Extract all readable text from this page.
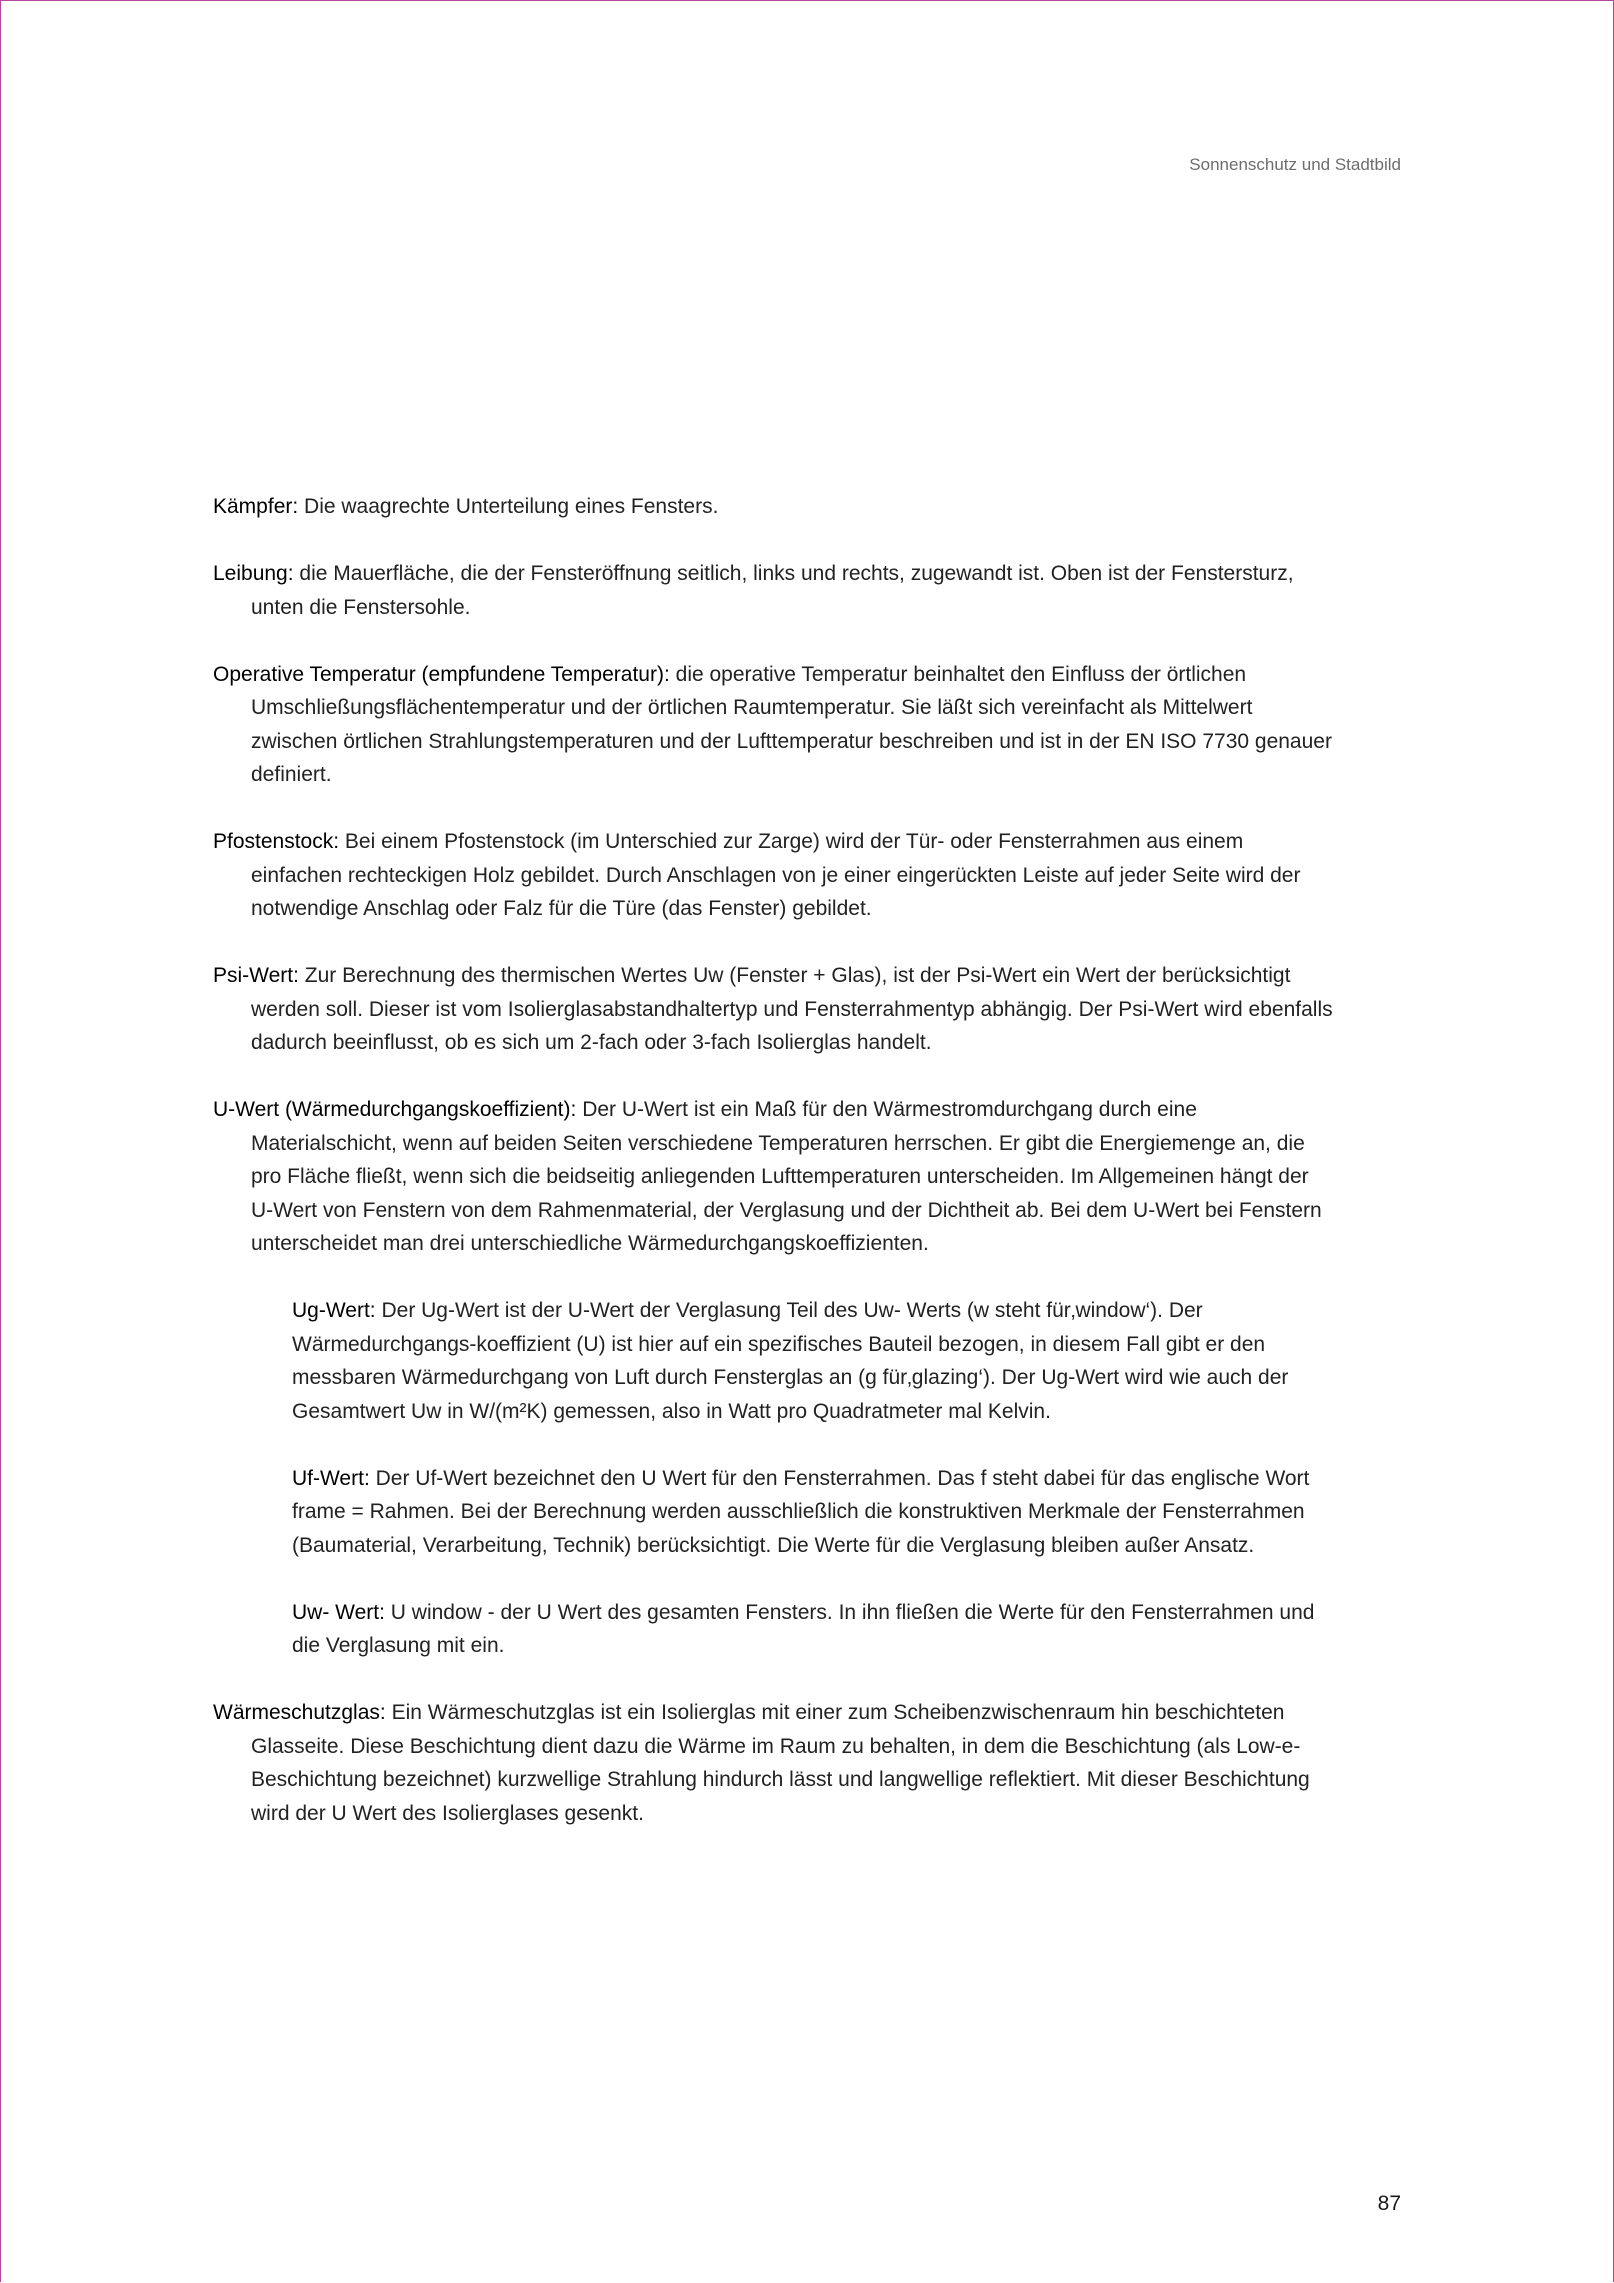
Sonnenschutz und Stadtbild

Kämpfer: Die waagrechte Unterteilung eines Fensters.

Leibung: die Mauerfläche, die der Fensteröffnung seitlich, links und rechts, zugewandt ist. Oben ist der Fenstersturz, unten die Fenstersohle.

Operative Temperatur (empfundene Temperatur): die operative Temperatur beinhaltet den Einfluss der örtlichen Umschließungsflächentemperatur und der örtlichen Raumtemperatur. Sie läßt sich vereinfacht als Mittelwert zwischen örtlichen Strahlungstemperaturen und der Lufttemperatur beschreiben und ist in der EN ISO 7730 genauer definiert.

Pfostenstock: Bei einem Pfostenstock (im Unterschied zur Zarge) wird der Tür- oder Fensterrahmen aus einem einfachen rechteckigen Holz gebildet. Durch Anschlagen von je einer eingerückten Leiste auf jeder Seite wird der notwendige Anschlag oder Falz für die Türe (das Fenster) gebildet.

Psi-Wert: Zur Berechnung des thermischen Wertes Uw (Fenster + Glas), ist der Psi-Wert ein Wert der berücksichtigt werden soll. Dieser ist vom Isolierglasabstandhaltertyp und Fensterrahmentyp abhängig. Der Psi-Wert wird ebenfalls dadurch beeinflusst, ob es sich um 2-fach oder 3-fach Isolierglas handelt.

U-Wert (Wärmedurchgangskoeffizient): Der U-Wert ist ein Maß für den Wärmestromdurchgang durch eine Materialschicht, wenn auf beiden Seiten verschiedene Temperaturen herrschen. Er gibt die Energiemenge an, die pro Fläche fließt, wenn sich die beidseitig anliegenden Lufttemperaturen unterscheiden. Im Allgemeinen hängt der U-Wert von Fenstern von dem Rahmenmaterial, der Verglasung und der Dichtheit ab. Bei dem U-Wert bei Fenstern unterscheidet man drei unterschiedliche Wärmedurchgangskoeffizienten.

Ug-Wert: Der Ug-Wert ist der U-Wert der Verglasung Teil des Uw- Werts (w steht für‚window‘). Der Wärmedurchgangs-koeffizient (U) ist hier auf ein spezifisches Bauteil bezogen, in diesem Fall gibt er den messbaren Wärmedurchgang von Luft durch Fensterglas an (g für‚glazing‘). Der Ug-Wert wird wie auch der Gesamtwert Uw in W/(m²K) gemessen, also in Watt pro Quadratmeter mal Kelvin.

Uf-Wert: Der Uf-Wert bezeichnet den U Wert für den Fensterrahmen. Das f steht dabei für das englische Wort frame = Rahmen. Bei der Berechnung werden ausschließlich die konstruktiven Merkmale der Fensterrahmen (Baumaterial, Verarbeitung, Technik) berücksichtigt. Die Werte für die Verglasung bleiben außer Ansatz.

Uw- Wert: U window - der U Wert des gesamten Fensters. In ihn fließen die Werte für den Fensterrahmen und die Verglasung mit ein.

Wärmeschutzglas: Ein Wärmeschutzglas ist ein Isolierglas mit einer zum Scheibenzwischenraum hin beschichteten Glasseite. Diese Beschichtung dient dazu die Wärme im Raum zu behalten, in dem die Beschichtung (als Low-e-Beschichtung bezeichnet) kurzwellige Strahlung hindurch lässt und langwellige reflektiert. Mit dieser Beschichtung wird der U Wert des Isolierglases gesenkt.

87
